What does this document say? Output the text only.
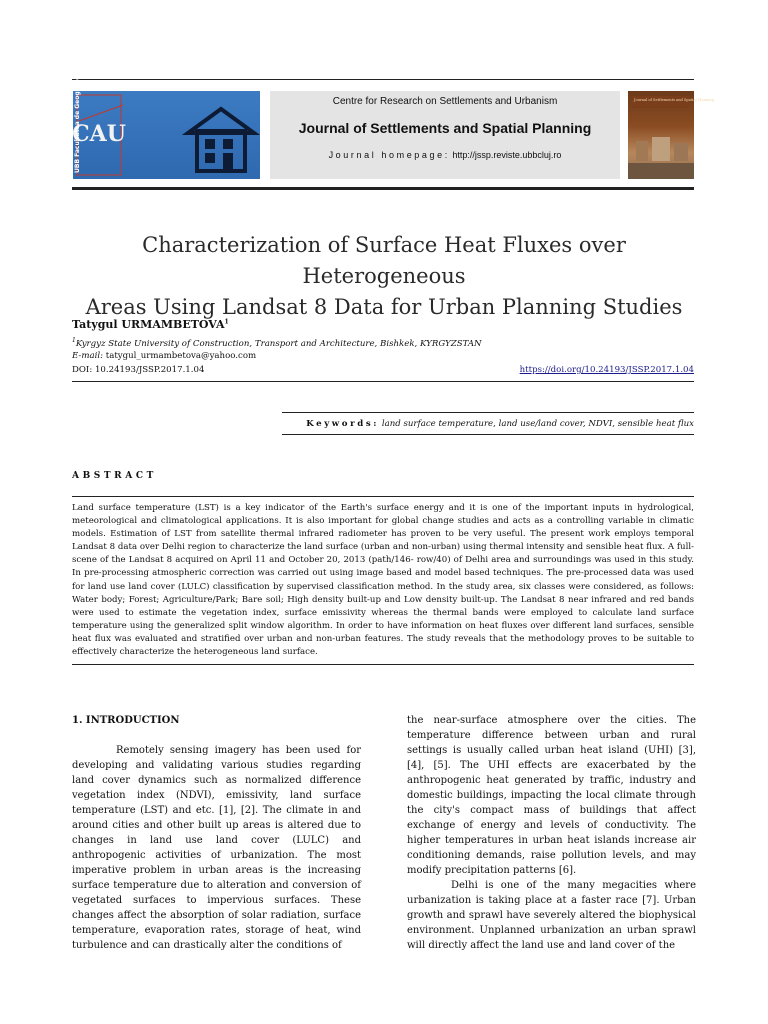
CAU
UBB Facultatea de Geografie, Cluj-Napoca	Centre for Research on Settlements and Urbanism
Journal of Settlements and Spatial Planning
Journal homepage: http://jssp.reviste.ubbcluj.ro
Journal of Settlements and Spatial Planning
Characterization of Surface Heat Fluxes over Heterogeneous
Areas Using Landsat 8 Data for Urban Planning Studies
Tatygul URMAMBETOVA$^1$
$^1$Kyrgyz State University of Construction, Transport and Architecture, Bishkek, KYRGYZSTAN
E-mail: tatygul_urmambetova@yahoo.com
DOI: 10.24193/JSSP.2017.1.04	https://doi.org/10.24193/JSSP.2017.1.04
Keywords: land surface temperature, land use/land cover, NDVI, sensible heat flux
ABSTRACT
Land surface temperature (LST) is a key indicator of the Earth's surface energy and it is one of the important inputs in hydrological, meteorological and climatological applications. It is also important for global change studies and acts as a controlling variable in climatic models. Estimation of LST from satellite thermal infrared radiometer has proven to be very useful. The present work employs temporal Landsat 8 data over Delhi region to characterize the land surface (urban and non-urban) using thermal intensity and sensible heat flux. A full-scene of the Landsat 8 acquired on April 11 and October 20, 2013 (path/146- row/40) of Delhi area and surroundings was used in this study. In pre-processing atmospheric correction was carried out using image based and model based techniques. The pre-processed data was used for land use land cover (LULC) classification by supervised classification method. In the study area, six classes were considered, as follows: Water body; Forest; Agriculture/Park; Bare soil; High density built-up and Low density built-up. The Landsat 8 near infrared and red bands were used to estimate the vegetation index, surface emissivity whereas the thermal bands were employed to calculate land surface temperature using the generalized split window algorithm. In order to have information on heat fluxes over different land surfaces, sensible heat flux was evaluated and stratified over urban and non-urban features. The study reveals that the methodology proves to be suitable to effectively characterize the heterogeneous land surface.

1. INTRODUCTION

Remotely sensing imagery has been used for developing and validating various studies regarding land cover dynamics such as normalized difference vegetation index (NDVI), emissivity, land surface temperature (LST) and etc. [1], [2]. The climate in and around cities and other built up areas is altered due to changes in land use land cover (LULC) and anthropogenic activities of urbanization. The most imperative problem in urban areas is the increasing surface temperature due to alteration and conversion of vegetated surfaces to impervious surfaces. These changes affect the absorption of solar radiation, surface temperature, evaporation rates, storage of heat, wind turbulence and can drastically alter the conditions of

the near-surface atmosphere over the cities. The temperature difference between urban and rural settings is usually called urban heat island (UHI) [3], [4], [5]. The UHI effects are exacerbated by the anthropogenic heat generated by traffic, industry and domestic buildings, impacting the local climate through the city's compact mass of buildings that affect exchange of energy and levels of conductivity. The higher temperatures in urban heat islands increase air conditioning demands, raise pollution levels, and may modify precipitation patterns [6].

Delhi is one of the many megacities where urbanization is taking place at a faster race [7]. Urban growth and sprawl have severely altered the biophysical environment. Unplanned urbanization an urban sprawl will directly affect the land use and land cover of the
